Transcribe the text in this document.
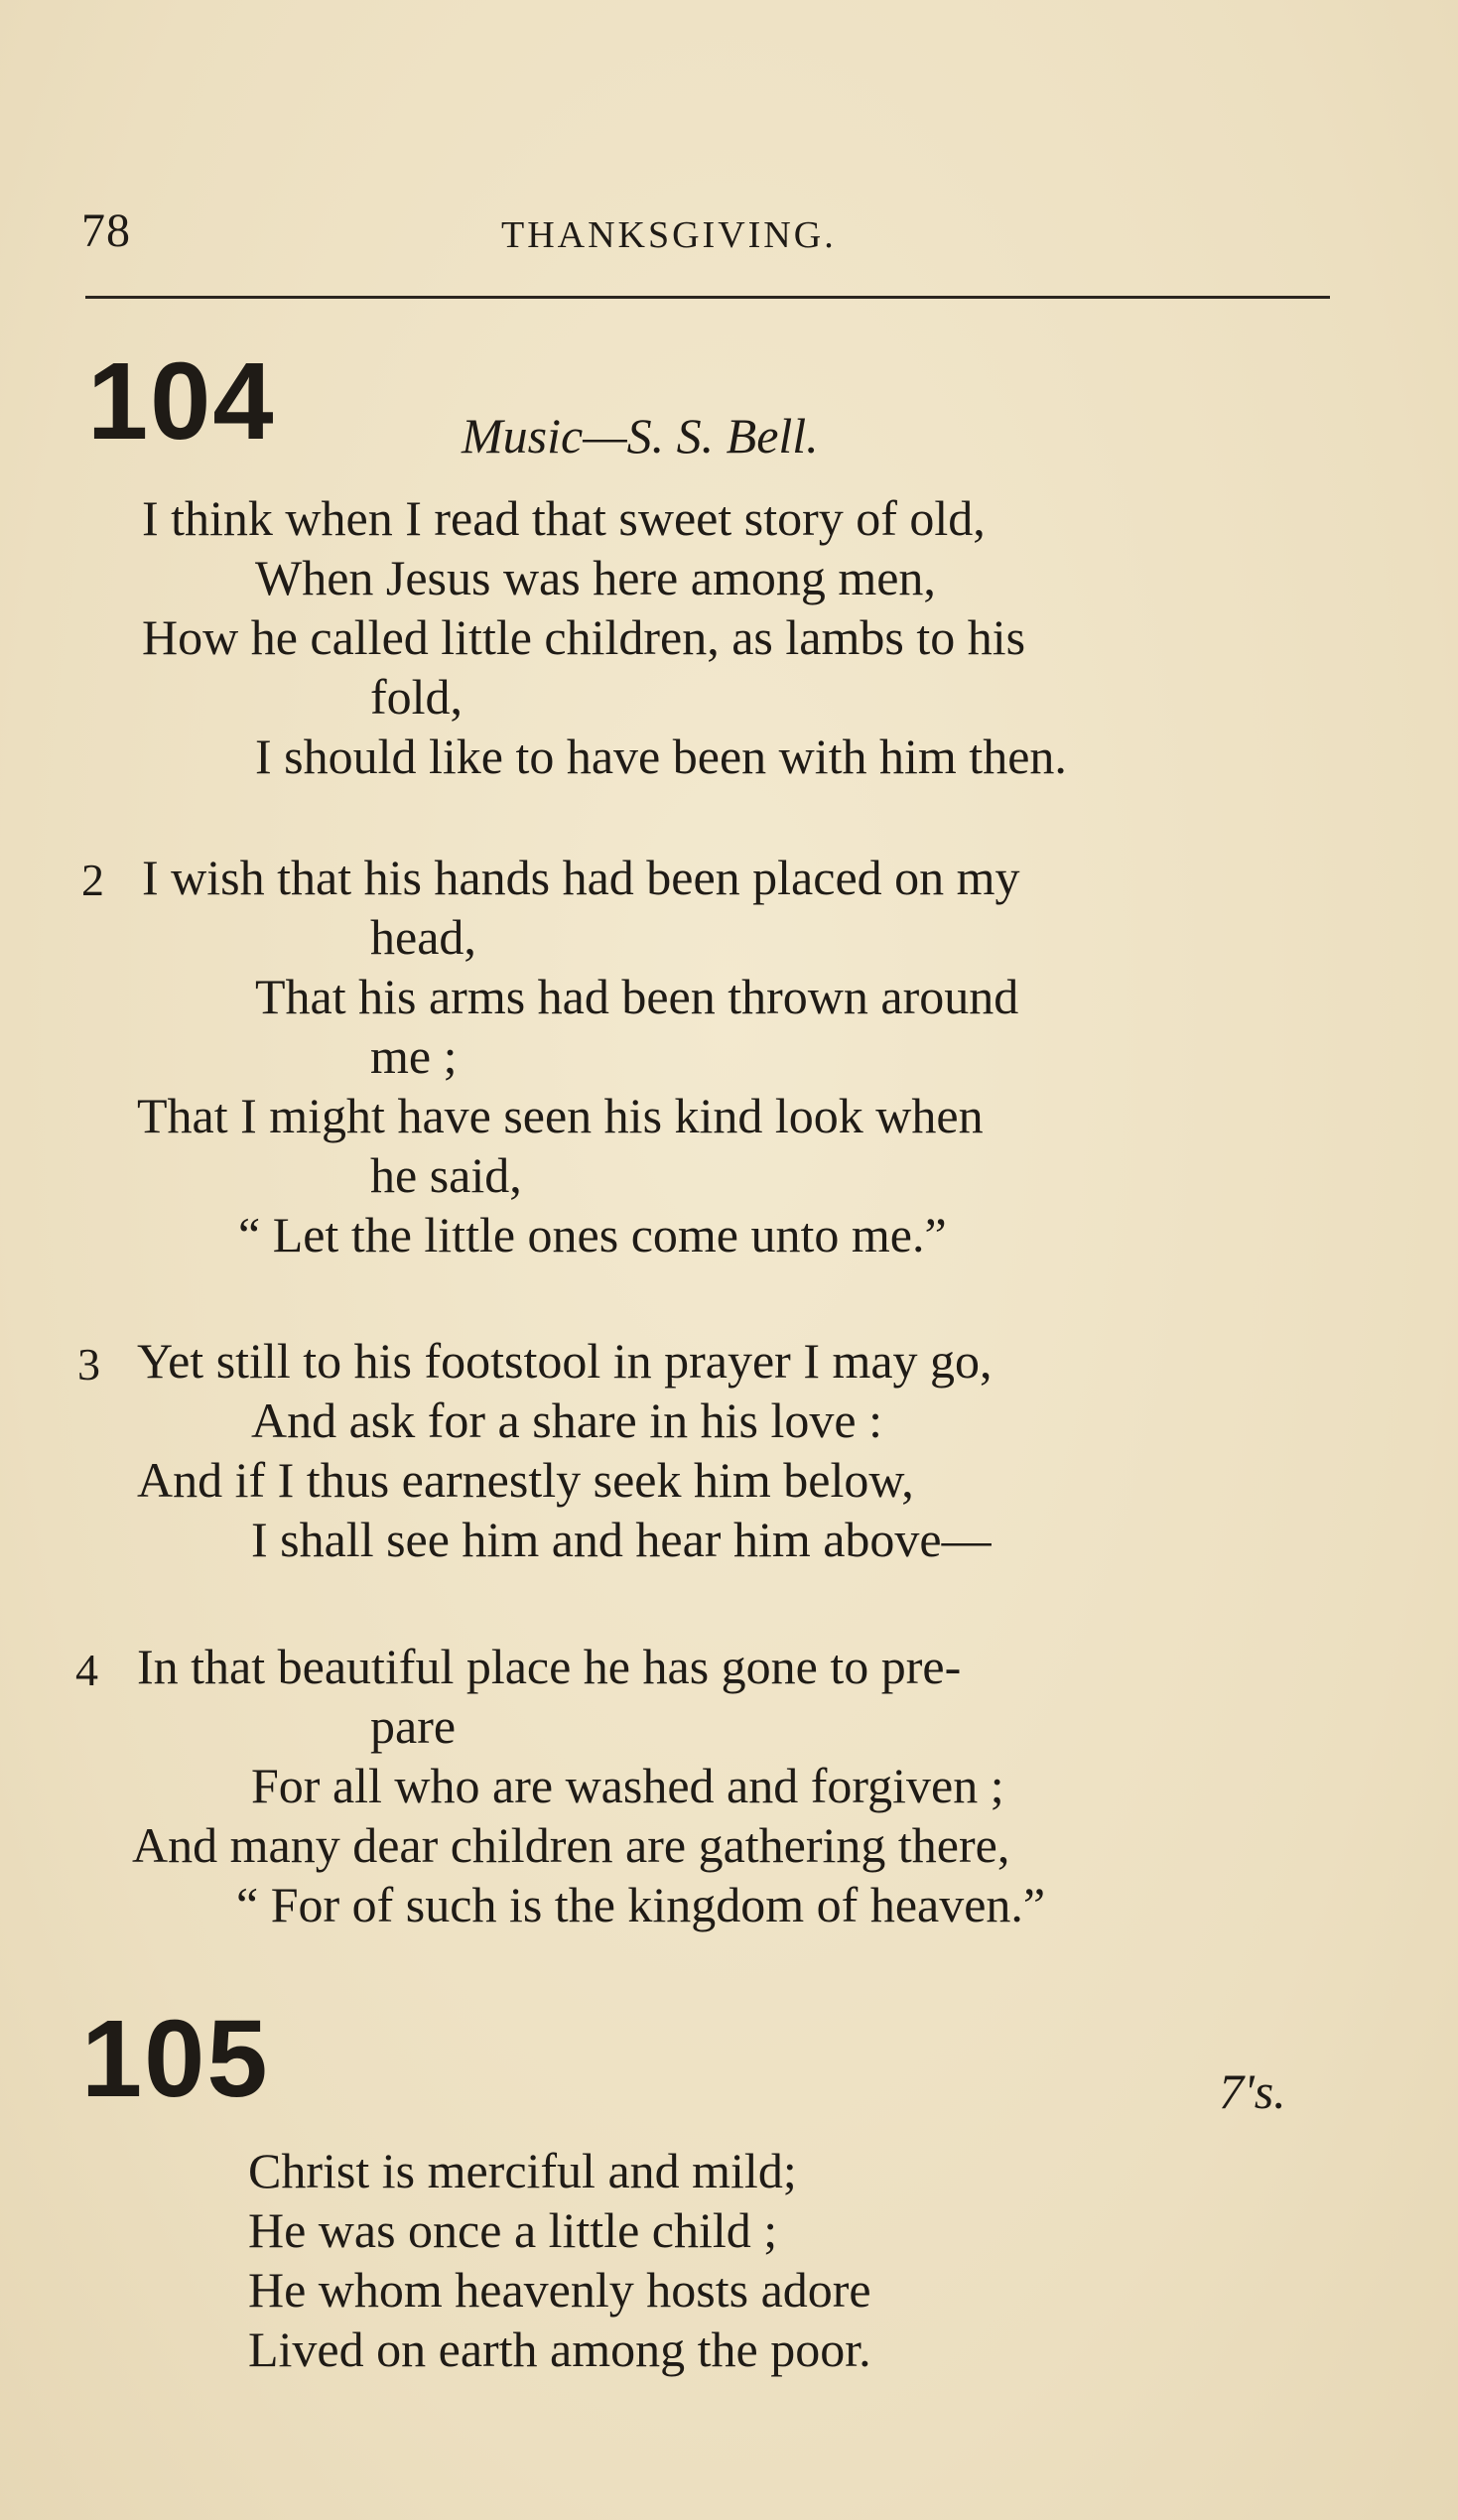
78	THANKSGIVING.
104	Music—S. S. Bell.
I think when I read that sweet story of old,
When Jesus was here among men,
How he called little children, as lambs to his
fold,
I should like to have been with him then.
2 I wish that his hands had been placed on my
head,
That his arms had been thrown around
me ;
That I might have seen his kind look when
he said,
“ Let the little ones come unto me.”
3 Yet still to his footstool in prayer I may go,
And ask for a share in his love :
And if I thus earnestly seek him below,
I shall see him and hear him above—
4 In that beautiful place he has gone to pre-
pare
For all who are washed and forgiven ;
And many dear children are gathering there,
“ For of such is the kingdom of heaven.”
105	7's.
Christ is merciful and mild;
He was once a little child ;
He whom heavenly hosts adore
Lived on earth among the poor.
